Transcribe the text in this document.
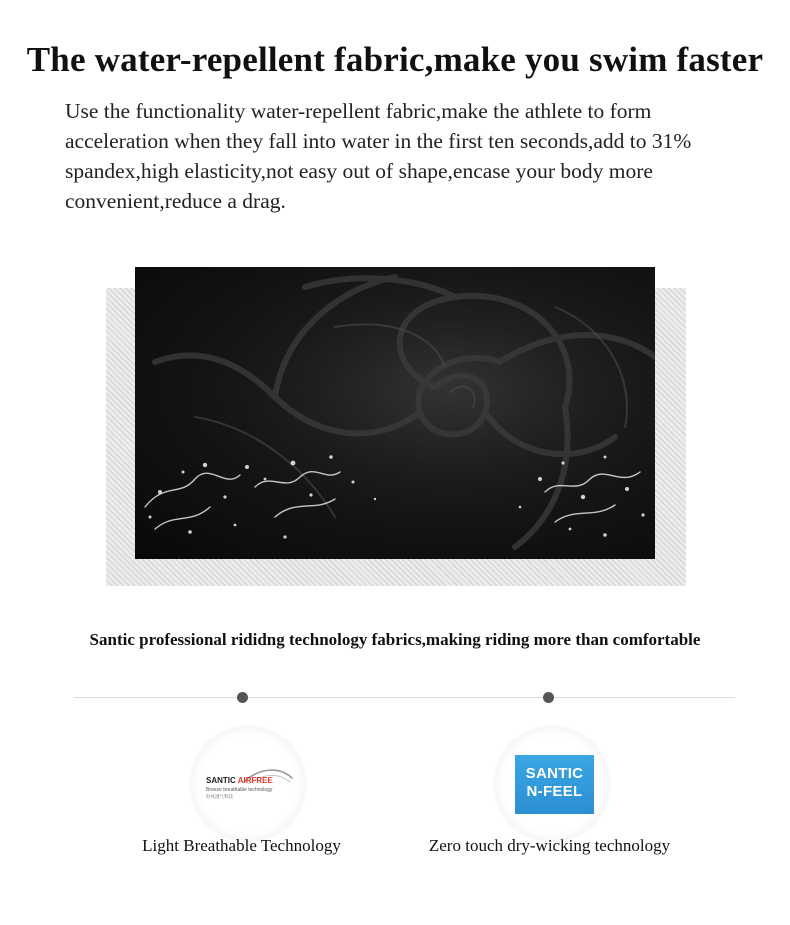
The water-repellent fabric,make you swim faster

Use the functionality water-repellent fabric,make the athlete to form acceleration when they fall into water in the first ten seconds,add to 31% spandex,high elasticity,not easy out of shape,encase your body more convenient,reduce a drag.

Santic professional rididng technology fabrics,making riding more than comfortable
SANTIC AIRFREE
Breeze breathable technology
轻风透气科技
SANTIC
N-FEEL
Light Breathable Technology	Zero touch dry-wicking technology
